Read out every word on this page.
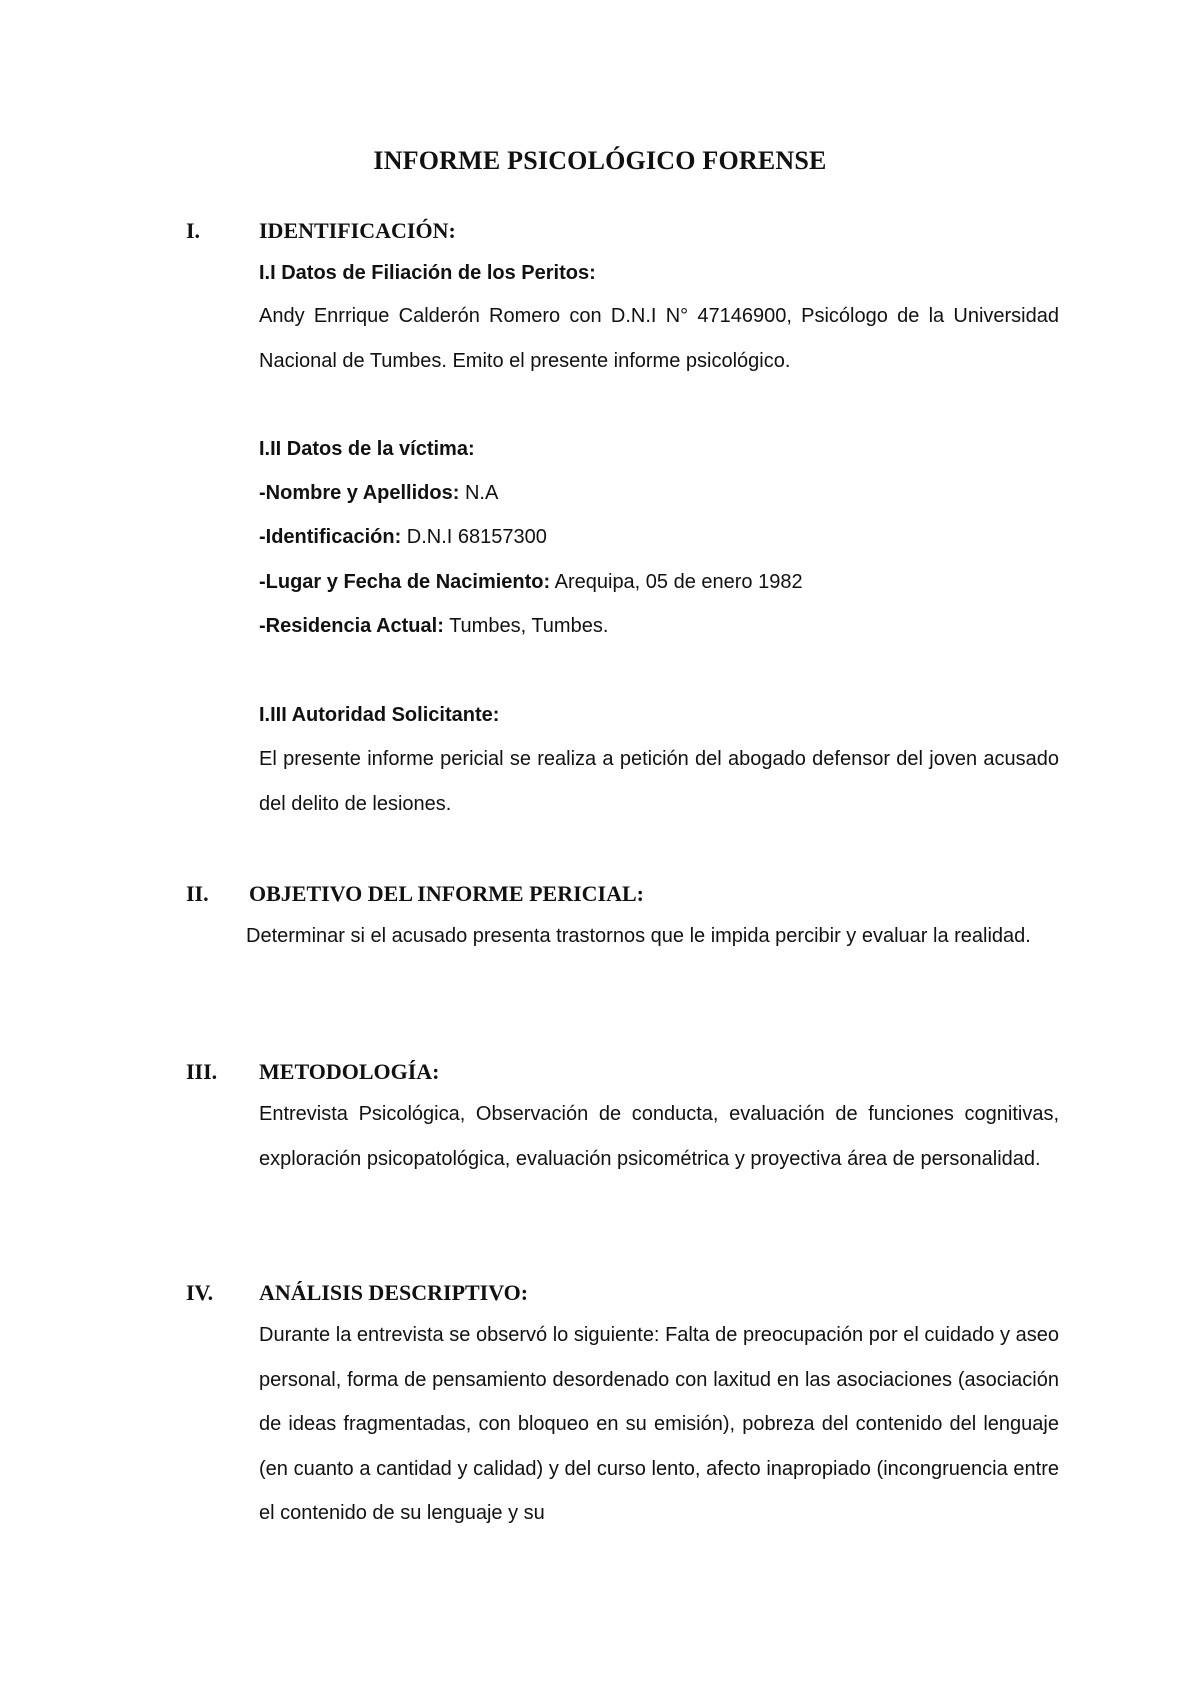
INFORME PSICOLÓGICO FORENSE
I.	IDENTIFICACIÓN:
I.I Datos de Filiación de los Peritos:
Andy Enrrique Calderón Romero con D.N.I N° 47146900, Psicólogo de la Universidad Nacional de Tumbes. Emito el presente informe psicológico.
I.II Datos de la víctima:
-Nombre y Apellidos: N.A
-Identificación: D.N.I 68157300
-Lugar y Fecha de Nacimiento: Arequipa, 05 de enero 1982
-Residencia Actual: Tumbes, Tumbes.
I.III Autoridad Solicitante:
El presente informe pericial se realiza a petición del abogado defensor del joven acusado del delito de lesiones.
II. OBJETIVO DEL INFORME PERICIAL:
Determinar si el acusado presenta trastornos que le impida percibir y evaluar la realidad.
III. METODOLOGÍA:
Entrevista Psicológica, Observación de conducta, evaluación de funciones cognitivas, exploración psicopatológica, evaluación psicométrica y proyectiva área de personalidad.
IV. ANÁLISIS DESCRIPTIVO:
Durante la entrevista se observó lo siguiente: Falta de preocupación por el cuidado y aseo personal, forma de pensamiento desordenado con laxitud en las asociaciones (asociación de ideas fragmentadas, con bloqueo en su emisión), pobreza del contenido del lenguaje (en cuanto a cantidad y calidad) y del curso lento, afecto inapropiado (incongruencia entre el contenido de su lenguaje y su
